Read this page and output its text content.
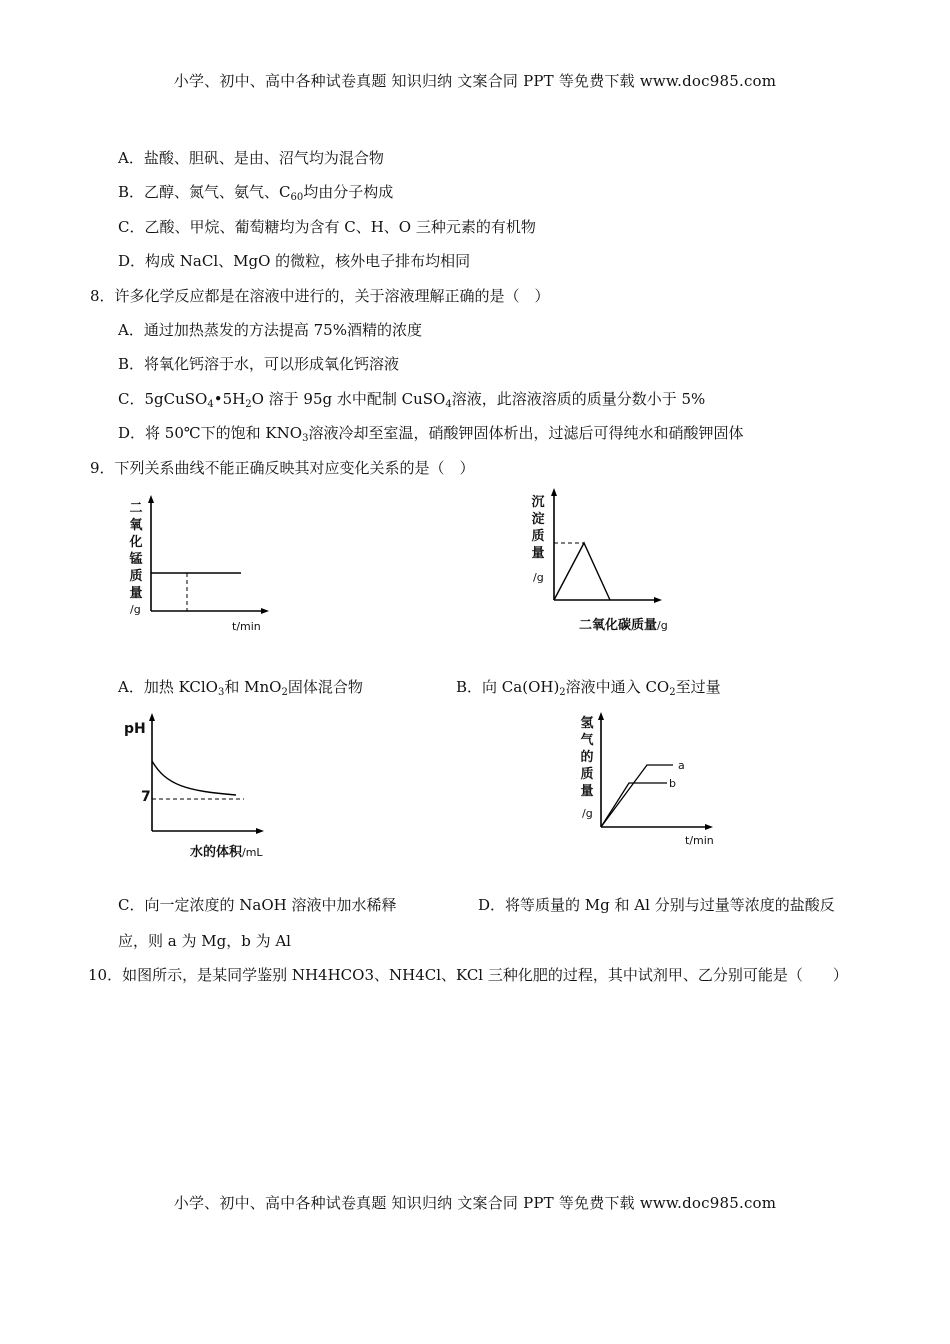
小学、初中、高中各种试卷真题 知识归纳 文案合同 PPT 等免费下载 www.doc985.com
A．盐酸、胆矾、是由、沼气均为混合物
B．乙醇、氮气、氨气、$C_{60}$均由分子构成
C．乙酸、甲烷、葡萄糖均为含有 C、H、O 三种元素的有机物
D．构成 NaCl、MgO 的微粒，核外电子排布均相同
8．许多化学反应都是在溶液中进行的，关于溶液理解正确的是（　）
A．通过加热蒸发的方法提高 75%酒精的浓度
B．将氧化钙溶于水，可以形成氧化钙溶液
C．$5gCuSO_4•5H_2O$ 溶于 95g 水中配制 CuSO$_4$溶液，此溶液溶质的质量分数小于 5%
D．将 50℃下的饱和 $KNO_3$溶液冷却至室温，硝酸钾固体析出，过滤后可得纯水和硝酸钾固体
9．下列关系曲线不能正确反映其对应变化关系的是（　）
二
氧
化
锰
质
量
/g
t/min
沉
淀
质
量
/g
二氧化碳质量/g
A．加热 KClO$_3$和 MnO$_2$固体混合物	B．向 $Ca(OH)_2$溶液中通入 $CO_2$至过量
pH
7
水的体积/mL
氢
气
的
质
量
/g
a
b
t/min
C．向一定浓度的 NaOH 溶液中加水稀释	D．将等质量的 Mg 和 Al 分别与过量等浓度的盐酸反
应，则 a 为 Mg，b 为 Al
10．如图所示，是某同学鉴别 NH4HCO3、NH4Cl、KCl 三种化肥的过程，其中试剂甲、乙分别可能是（　　）
小学、初中、高中各种试卷真题 知识归纳 文案合同 PPT 等免费下载 www.doc985.com
